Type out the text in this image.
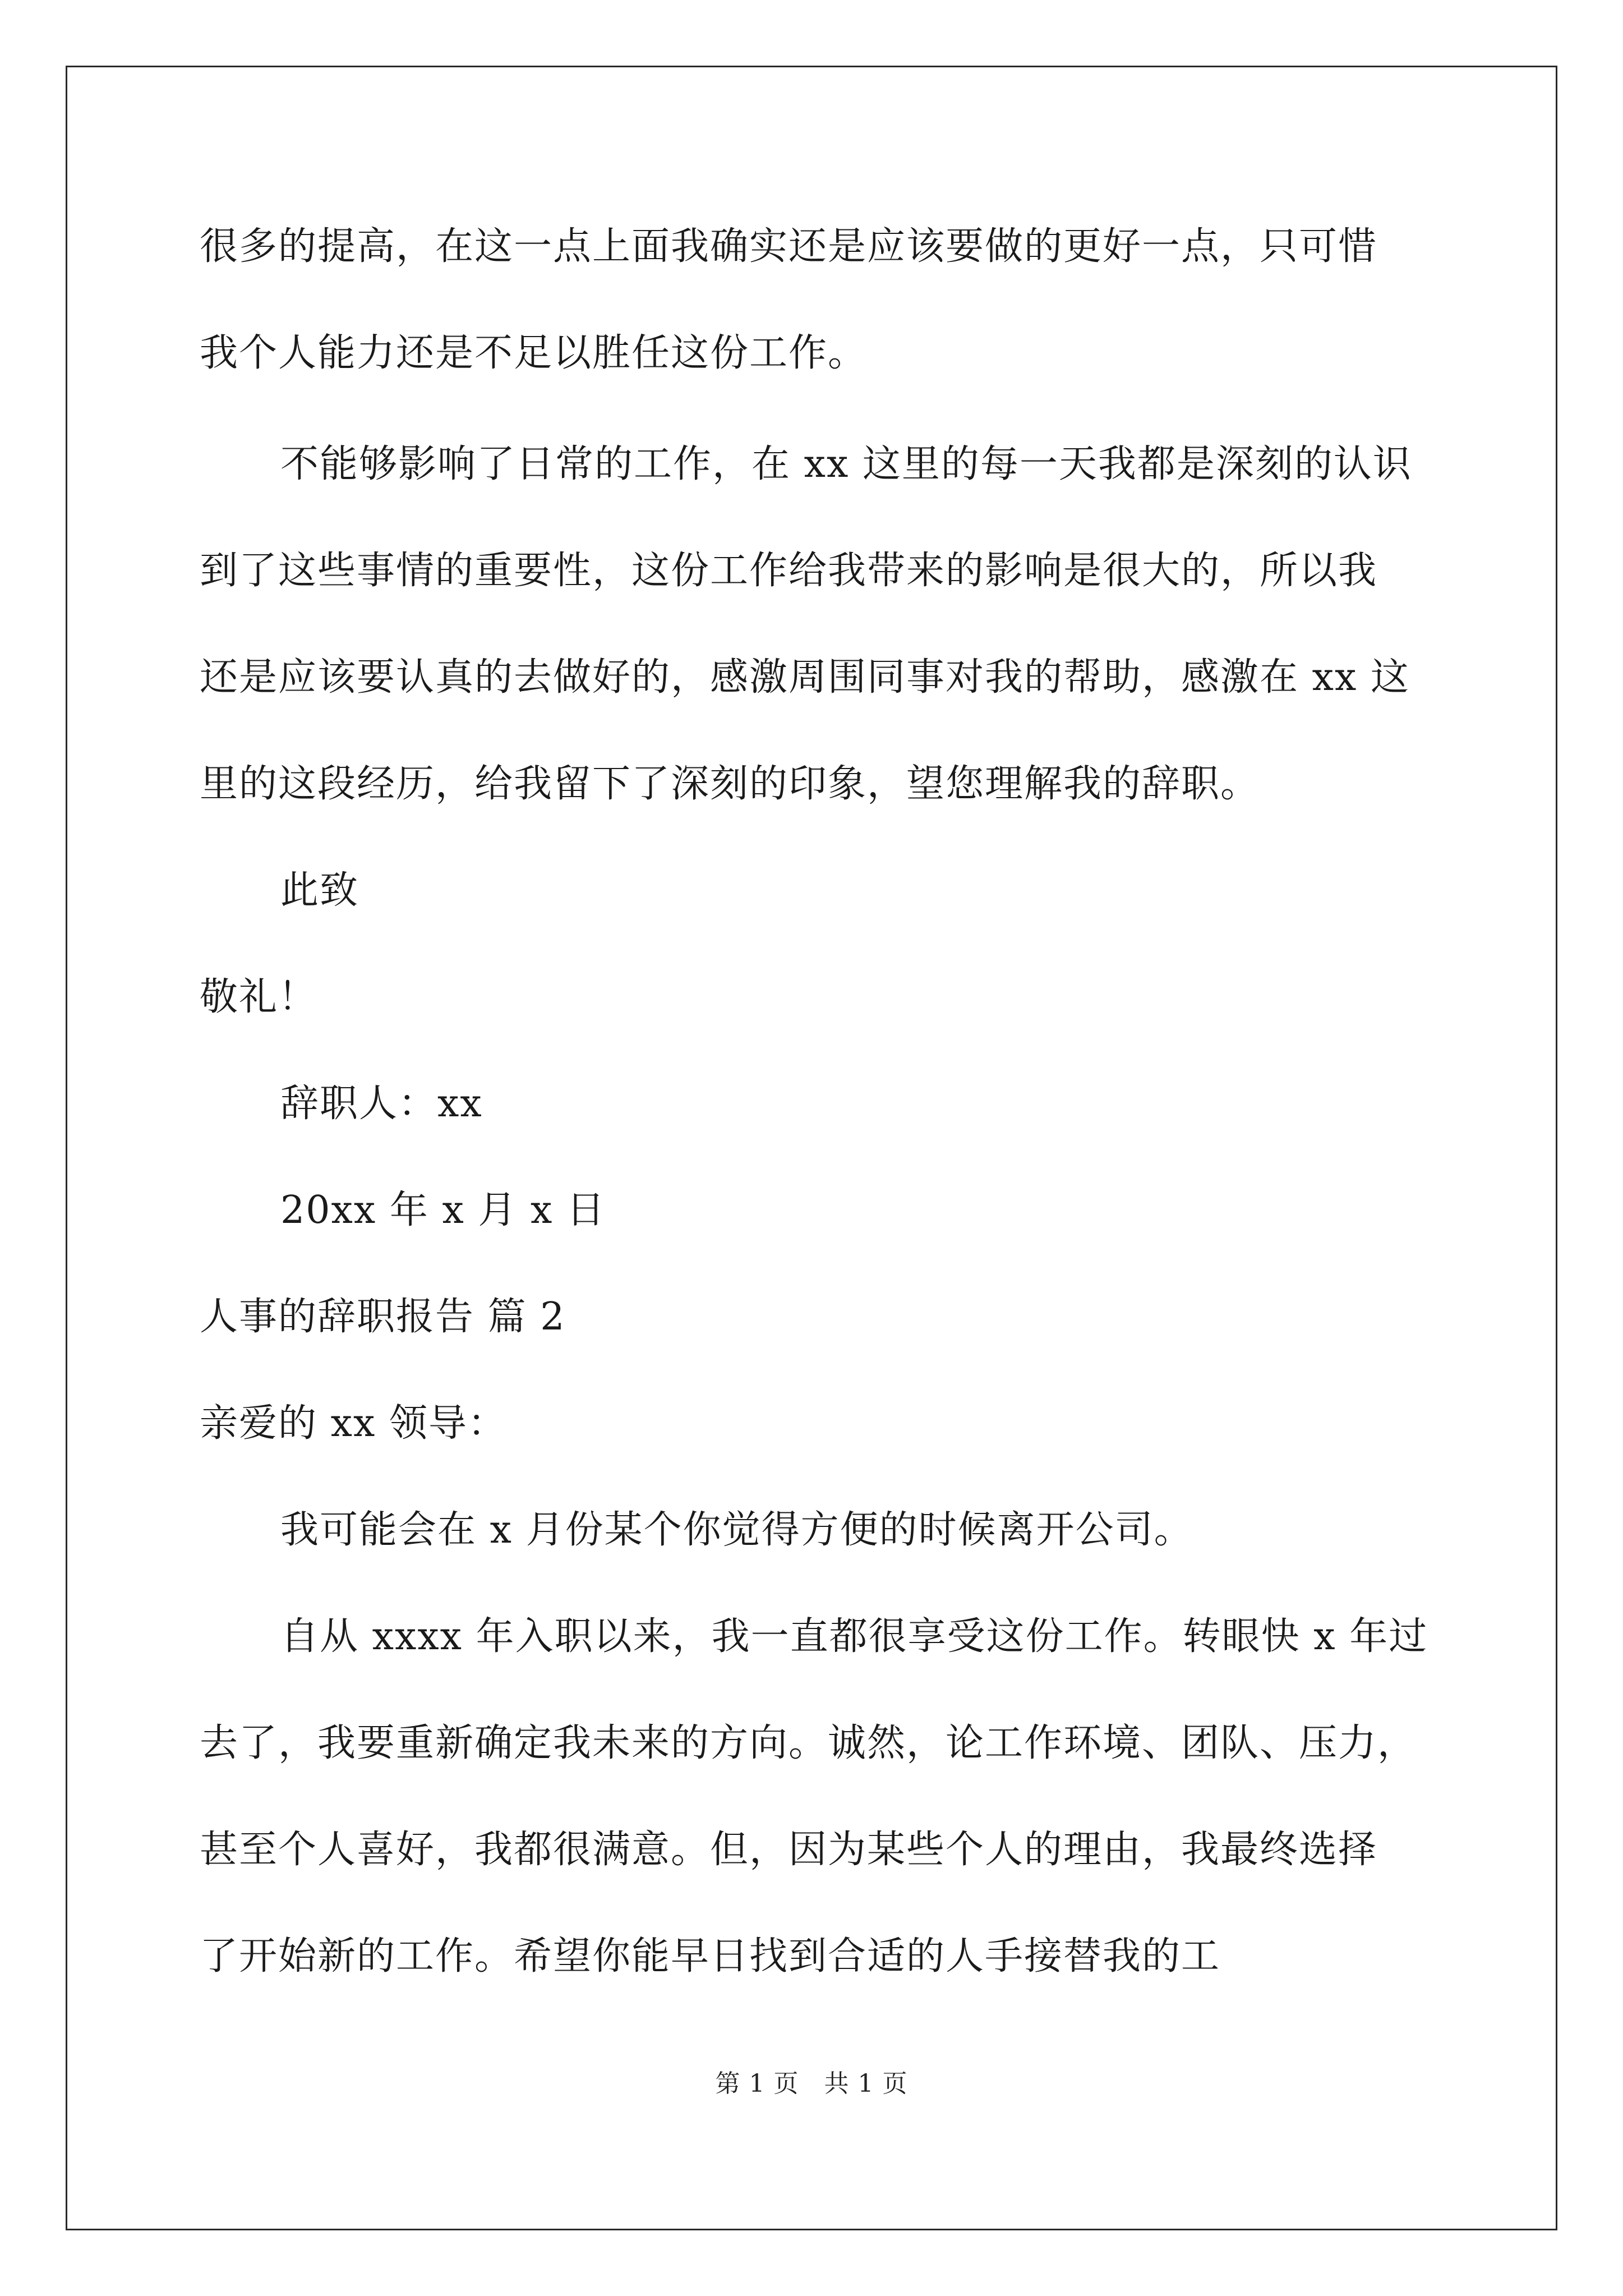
很多的提高，在这一点上面我确实还是应该要做的更好一点，只可惜
我个人能力还是不足以胜任这份工作。
不能够影响了日常的工作，在 xx 这里的每一天我都是深刻的认识
到了这些事情的重要性，这份工作给我带来的影响是很大的，所以我
还是应该要认真的去做好的，感激周围同事对我的帮助，感激在 xx 这
里的这段经历，给我留下了深刻的印象，望您理解我的辞职。
此致
敬礼！
辞职人：xx
20xx 年 x 月 x 日
人事的辞职报告 篇 2
亲爱的 xx 领导：
我可能会在 x 月份某个你觉得方便的时候离开公司。
自从 xxxx 年入职以来，我一直都很享受这份工作。转眼快 x 年过
去了，我要重新确定我未来的方向。诚然，论工作环境、团队、压力，
甚至个人喜好，我都很满意。但，因为某些个人的理由，我最终选择
了开始新的工作。希望你能早日找到合适的人手接替我的工
第 1 页　共 1 页
